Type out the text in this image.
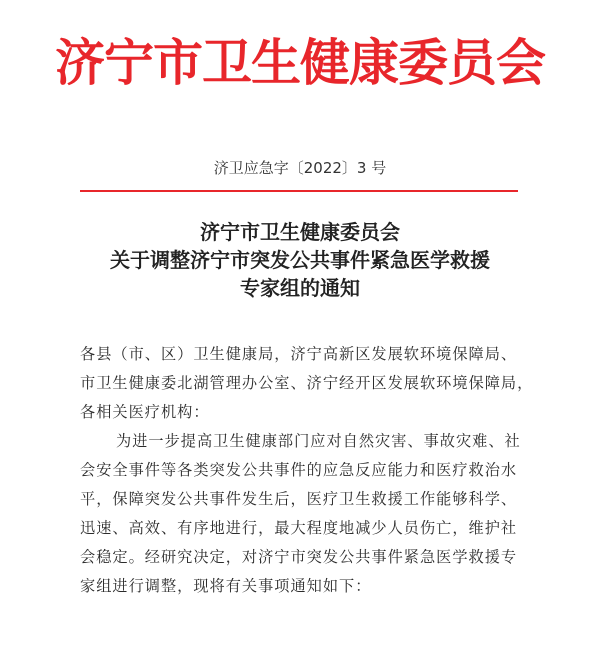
济宁市卫生健康委员会
济卫应急字〔2022〕3 号
济宁市卫生健康委员会
关于调整济宁市突发公共事件紧急医学救援
专家组的通知
各县（市、区）卫生健康局，济宁高新区发展软环境保障局、
市卫生健康委北湖管理办公室、济宁经开区发展软环境保障局，
各相关医疗机构：
为进一步提高卫生健康部门应对自然灾害、事故灾难、社
会安全事件等各类突发公共事件的应急反应能力和医疗救治水
平，保障突发公共事件发生后，医疗卫生救援工作能够科学、
迅速、高效、有序地进行，最大程度地减少人员伤亡，维护社
会稳定。经研究决定，对济宁市突发公共事件紧急医学救援专
家组进行调整，现将有关事项通知如下：
